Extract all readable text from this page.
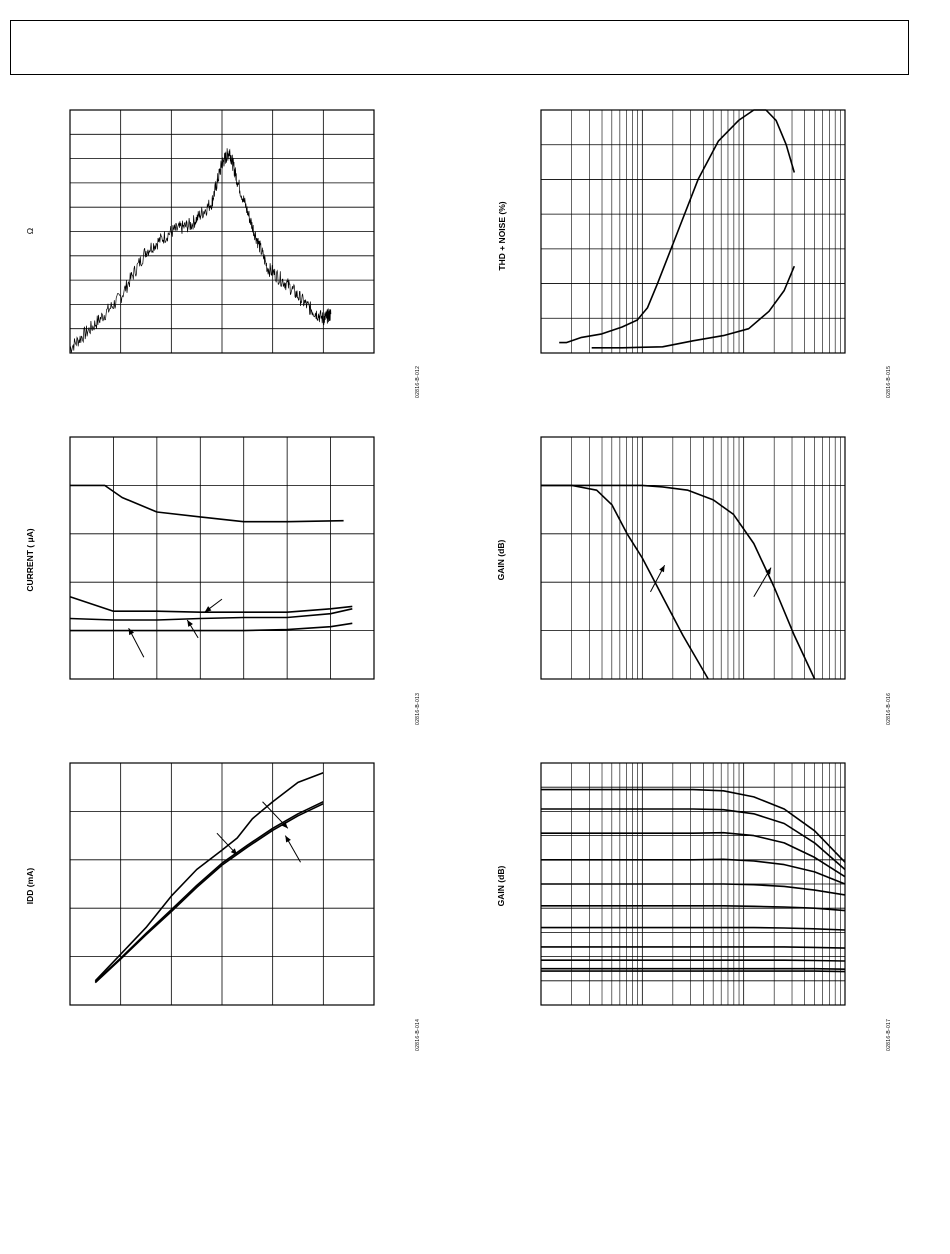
Ω
02816-B-012
THD + NOISE (%)
02816-B-015
CURRENT ( μA)
02816-B-013
GAIN (dB)
02816-B-016
IDD (mA)
02816-B-014
GAIN (dB)
02816-B-017
